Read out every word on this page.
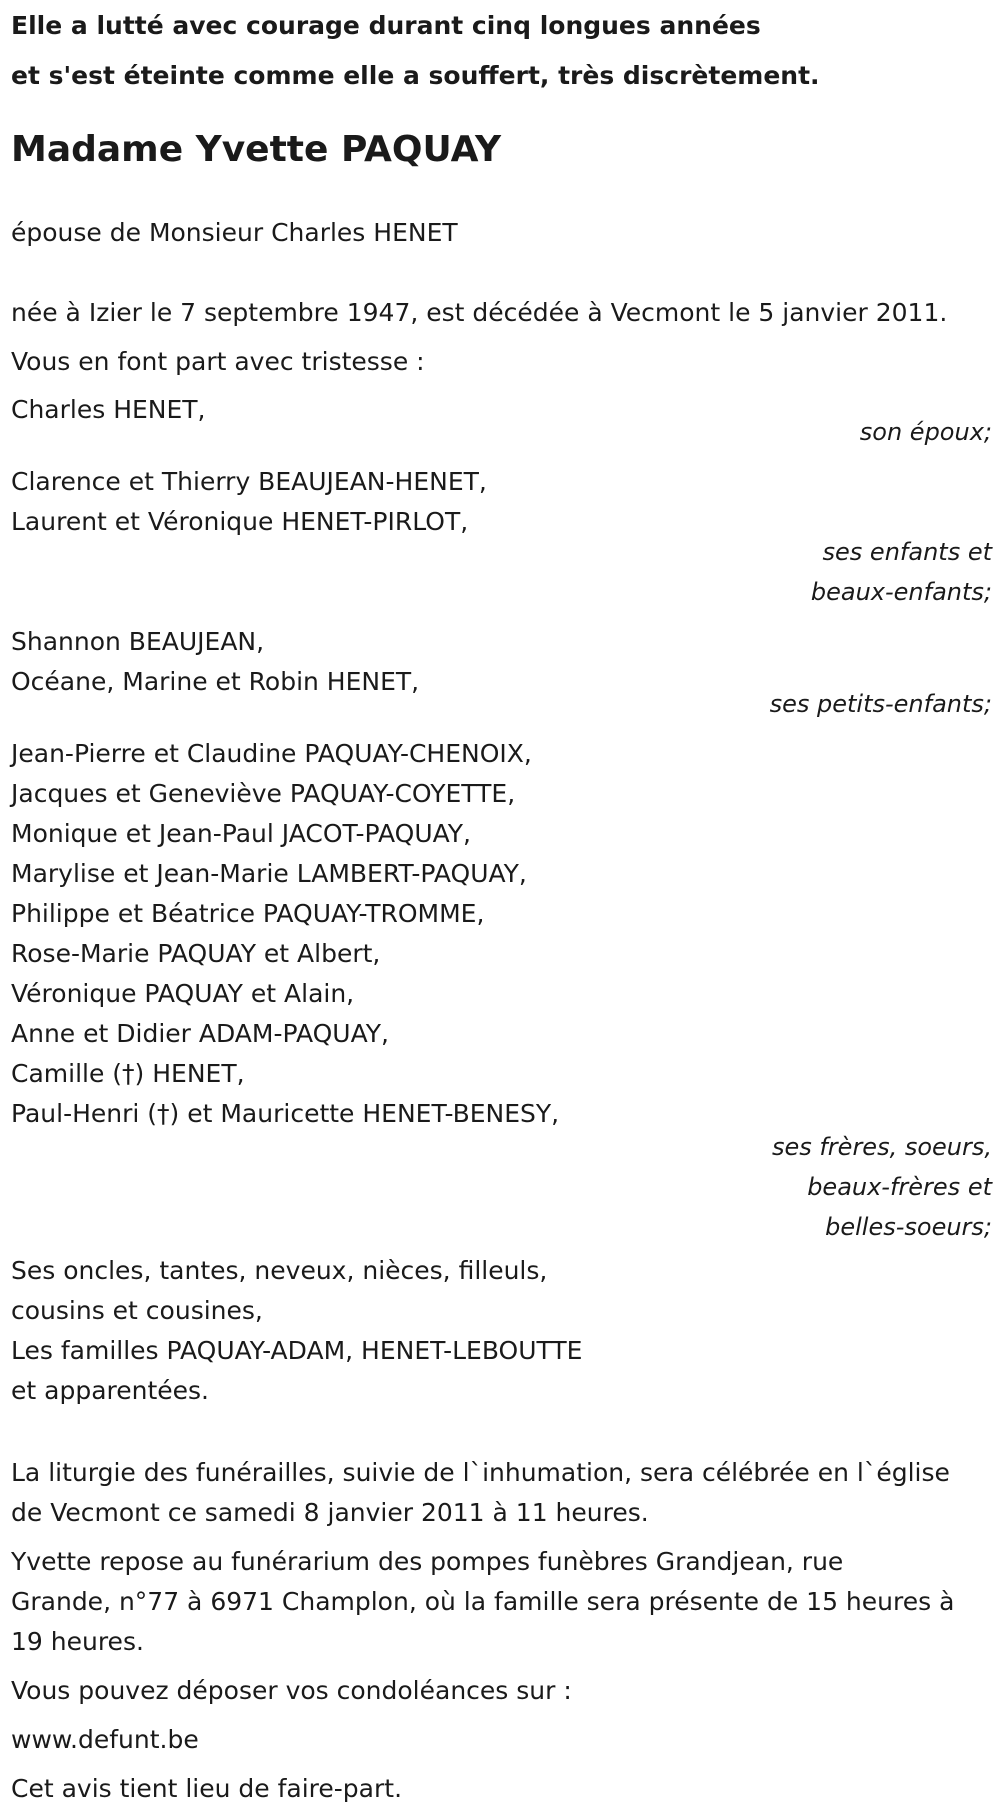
Elle a lutté avec courage durant cinq longues années
et s'est éteinte comme elle a souffert, très discrètement.
Madame Yvette PAQUAY
épouse de Monsieur Charles HENET
née à Izier le 7 septembre 1947, est décédée à Vecmont le 5 janvier 2011.
Vous en font part avec tristesse :
Charles HENET,
son époux;
Clarence et Thierry BEAUJEAN-HENET,
Laurent et Véronique HENET-PIRLOT,
ses enfants et
beaux-enfants;
Shannon BEAUJEAN,
Océane, Marine et Robin HENET,
ses petits-enfants;
Jean-Pierre et Claudine PAQUAY-CHENOIX,
Jacques et Geneviève PAQUAY-COYETTE,
Monique et Jean-Paul JACOT-PAQUAY,
Marylise et Jean-Marie LAMBERT-PAQUAY,
Philippe et Béatrice PAQUAY-TROMME,
Rose-Marie PAQUAY et Albert,
Véronique PAQUAY et Alain,
Anne et Didier ADAM-PAQUAY,
Camille (†) HENET,
Paul-Henri (†) et Mauricette HENET-BENESY,
ses frères, soeurs,
beaux-frères et
belles-soeurs;
Ses oncles, tantes, neveux, nièces, filleuls,
cousins et cousines,
Les familles PAQUAY-ADAM, HENET-LEBOUTTE
et apparentées.
La liturgie des funérailles, suivie de l`inhumation, sera célébrée en l`église
de Vecmont ce samedi 8 janvier 2011 à 11 heures.
Yvette repose au funérarium des pompes funèbres Grandjean, rue
Grande, n°77 à 6971 Champlon, où la famille sera présente de 15 heures à
19 heures.
Vous pouvez déposer vos condoléances sur :
www.defunt.be
Cet avis tient lieu de faire-part.
